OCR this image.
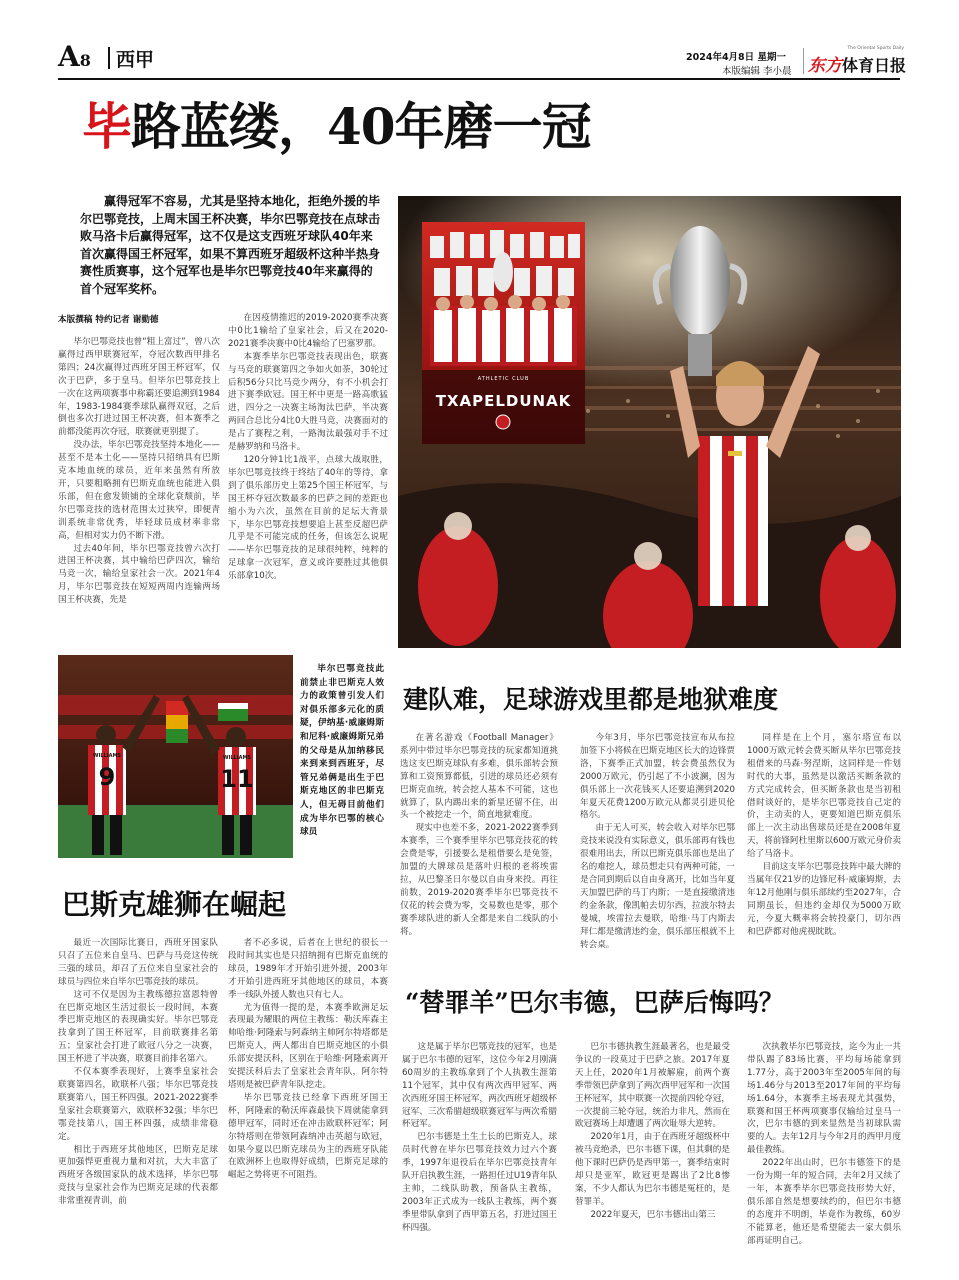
A8 西甲	2024年4月8日 星期一
本版编辑 李小晨
The Oriental Sports Daily
东方体育日报
毕路蓝缕，40年磨一冠

赢得冠军不容易，尤其是坚持本地化，拒绝外援的毕尔巴鄂竞技，上周末国王杯决赛，毕尔巴鄂竞技在点球击败马洛卡后赢得冠军，这不仅是这支西班牙球队40年来首次赢得国王杯冠军，如果不算西班牙超级杯这种半热身赛性质赛事，这个冠军也是毕尔巴鄂竞技40年来赢得的首个冠军奖杯。

本版撰稿 特约记者 谢勤德

毕尔巴鄂竞技也曾“粗上富过”，曾八次赢得过西甲联赛冠军，夺冠次数西甲排名第四；24次赢得过西班牙国王杯冠军，仅次于巴萨，多于皇马。但毕尔巴鄂竞技上一次在这两项赛事中称霸还要追溯到1984年，1983-1984赛季球队赢得双冠，之后倒也多次打进过国王杯决赛，但本赛季之前都没能再次夺冠，联赛就更别提了。

没办法，毕尔巴鄂竞技坚持本地化——甚至不是本土化——坚持只招纳具有巴斯克本地血统的球员，近年来虽然有所放开，只要粗略拥有巴斯克血统也能进入俱乐部，但在愈发锁铺的全球化衰颓前，毕尔巴鄂竞技的选材范围太过狭窄，即便青训系统非常优秀，毕轻球员成材率非常高，但相对实力仍不断下滑。

过去40年间，毕尔巴鄂竞技曾六次打进国王杯决赛，其中输给巴萨四次，输给马竞一次，输给皇家社会一次。2021年4月，毕尔巴鄂竞技在短短两周内连输两场国王杯决赛，先是

在因疫情推迟的2019-2020赛季决赛中0比1输给了皇家社会，后又在2020-2021赛季决赛中0比4输给了巴塞罗那。

本赛季毕尔巴鄂竞技表现出色，联赛与马竞的联赛第四之争如火如荼，30轮过后积56分只比马竞少两分，有不小机会打进下赛季欧冠。国王杯中更是一路高歌猛进，四分之一决赛主场淘汰巴萨，半决赛两回合总比分4比0大胜马竞，决赛面对的是占了赛程之利，一路淘汰最强对手不过是赫罗纳和马洛卡。

120分钟1比1战平，点球大战取胜，毕尔巴鄂竞技终于终结了40年的等待，拿到了俱乐部历史上第25个国王杯冠军，与国王杯夺冠次数最多的巴萨之间的差距也缩小为六次，虽然在目前的足坛大背景下，毕尔巴鄂竞技想要追上甚至反超巴萨几乎是不可能完成的任务，但该怎么说呢——毕尔巴鄂竞技的足球很纯粹，纯粹的足球拿一次冠军，意义或许要胜过其他俱乐部拿10次。

ATHLETIC CLUB
TXAPELDUNAK
WILLIAMS
9
WILLIAMS
11

毕尔巴鄂竞技此前禁止非巴斯克人效力的政策曾引发人们对俱乐部多元化的质疑，伊纳基·威廉姆斯和尼科·威廉姆斯兄弟的父母是从加纳移民来到来到西班牙，尽管兄弟俩是出生于巴斯克地区的非巴斯克人，但无碍目前他们成为毕尔巴鄂的核心球员

建队难，足球游戏里都是地狱难度

在著名游戏《Football Manager》系列中带过毕尔巴鄂竞技的玩家都知道挑选这支巴斯克球队有多难，俱乐部转会预算和工资预算都低，引进的球员还必须有巴斯克血统，转会挖人基本不可能，这也就算了，队内踢出来的新星还留不住，出头一个被挖走一个，简直地狱难度。

现实中也差不多，2021-2022赛季到本赛季，三个赛季里毕尔巴鄂竞技花的转会费是零，引援要么是租借要么是免签，加盟的大牌球员是落叶归根的老将埃雷拉，从巴黎圣日尔曼以自由身来投。再往前数，2019-2020赛季毕尔巴鄂竞技不仅花的转会费为零，交易数也是零，那个赛季球队进的新人全都是来自二线队的小将。

今年3月，毕尔巴鄂竞技宣布从布拉加签下小将候在巴斯克地区长大的边锋贾洛，下赛季正式加盟，转会费虽然仅为2000万欧元，仍引起了不小波澜，因为俱乐部上一次花钱买人还要追溯到2020年夏天花费1200万欧元从都灵引进贝伦格尔。

由于无人可买，转会收入对毕尔巴鄂竞技来说没有实际意义，俱乐部再有钱也很难用出去，所以巴斯克俱乐部也是出了名的难挖人，球员想走只有两种可能，一是合同到期后以自由身离开，比如当年夏天加盟巴萨的马丁内斯；一是直接缴清违约金条款，像凯帕去切尔西，拉波尔特去曼城，埃雷拉去曼联，哈维·马丁内斯去拜仁都是缴清违约金，俱乐部压根就不上转会桌。

同样是在上个月，塞尔塔宣布以1000万欧元转会费买断从毕尔巴鄂竞技租借来的马森·努涅斯，这同样是一件划时代的大事，虽然是以激活买断条款的方式完成转会，但买断条款也是当初租借时谈好的，是毕尔巴鄂竞技自己定的价，主动卖的人，更要知道巴斯克俱乐部上一次主动出售球员还是在2008年夏天，将前锋阿杜里斯以600万欧元身价卖给了马洛卡。

目前这支毕尔巴鄂竞技阵中最大牌的当属年仅21岁的边锋尼科·威廉姆斯，去年12月他刚与俱乐部续约至2027年，合同期虽长，但违约金却仅为5000万欧元，今夏大概率将会转投豪门，切尔西和巴萨都对他虎视眈眈。

巴斯克雄狮在崛起

最近一次国际比赛日，西班牙国家队只召了五位来自皇马、巴萨与马竞这传统三强的球员，却召了五位来自皇家社会的球员与四位来自毕尔巴鄂竞技的球员。

这可不仅是因为主教练德拉富恩特曾在巴斯克地区生活过很长一段时间，本赛季巴斯克地区的表现确实好。毕尔巴鄂竞技拿到了国王杯冠军，目前联赛排名第五；皇家社会打进了欧冠八分之一决赛，国王杯进了半决赛，联赛目前排名第六。

不仅本赛季表现好，上赛季皇家社会联赛第四名，欧联杯八强；毕尔巴鄂竞技联赛第八，国王杯四强。2021-2022赛季皇家社会联赛第六，欧联杯32强；毕尔巴鄂竞技第八，国王杯四强，成绩非常稳定。

相比于西班牙其他地区，巴斯克足球更加强悍更重视力量和对抗，大大丰富了西班牙各级国家队的战术选择，毕尔巴鄂竞技与皇家社会作为巴斯克足球的代表都非常重视青训，前

者不必多说，后者在上世纪的很长一段时间其实也是只招纳拥有巴斯克血统的球员，1989年才开始引进外援，2003年才开始引进西班牙其他地区的球员，本赛季一线队外援人数也只有七人。

尤为值得一提的是，本赛季欧洲足坛表现最为耀眼的两位主教练：勒沃库森主帅哈维·阿隆索与阿森纳主帅阿尔特塔都是巴斯克人，两人都出自巴斯克地区的小俱乐部安提沃科，区别在于哈维·阿隆索离开安提沃科后去了皇家社会青年队，阿尔特塔则是被巴萨青年队挖走。

毕尔巴鄂竞技已经拿下西班牙国王杯，阿隆索的勒沃库森最快下周就能拿到德甲冠军，同时还在冲击欧联杯冠军；阿尔特塔则在带领阿森纳冲击英超与欧冠，如果今夏以巴斯克球员为主的西班牙队能在欧洲杯上也取得好成绩，巴斯克足球的崛起之势将更不可阻挡。

“替罪羊”巴尔韦德，巴萨后悔吗？

这是属于毕尔巴鄂竞技的冠军，也是属于巴尔韦德的冠军，这位今年2月刚满60周岁的主教练拿到了个人执教生涯第11个冠军，其中仅有两次西甲冠军、两次西班牙国王杯冠军，两次西班牙超级杯冠军、三次希腊超级联赛冠军与两次希腊杯冠军。

巴尔韦德是土生土长的巴斯克人，球员时代曾在毕尔巴鄂竞技效力过六个赛季，1997年退役后在毕尔巴鄂竞技青年队开启执教生涯，一路担任过U19青年队主帅，二线队助教，预备队主教练，2003年正式成为一线队主教练，两个赛季里带队拿到了西甲第五名，打进过国王杯四强。

巴尔韦德执教生涯最著名，也是最受争议的一段莫过于巴萨之旅。2017年夏天上任，2020年1月被解雇，前两个赛季带领巴萨拿到了两次西甲冠军和一次国王杯冠军，其中联赛一次提前四轮夺冠，一次提前三轮夺冠，统治力非凡，然而在欧冠赛场上却遭遇了两次耻辱大逆转。

2020年1月，由于在西班牙超级杯中被马竞绝杀，巴尔韦德下课，但其剩的是他下课时巴萨仍是西甲第一，赛季结束时却只是亚军，欧冠更是踢出了2比8惨案，不少人都认为巴尔韦德是冤枉的，是替罪羊。

2022年夏天，巴尔韦德出山第三

次执教毕尔巴鄂竞技，迄今为止一共带队踢了83场比赛，平均每场能拿到1.77分，高于2003年至2005年间的每场1.46分与2013至2017年间的平均每场1.64分，本赛季主场表现尤其强势，联赛和国王杯两项赛事仅输给过皇马一次，巴尔韦德的到来显然是当初球队需要的人。去年12月与今年2月的西甲月度最佳教练。

2022年出山时，巴尔韦德签下的是一份为期一年的短合同，去年2月又续了一年，本赛季毕尔巴鄂竞技形势大好，俱乐部自然是想要续约的，但巴尔韦德的态度并不明朗，毕竟作为教练，60岁不能算老，他还是希望能去一家大俱乐部再证明自己。
